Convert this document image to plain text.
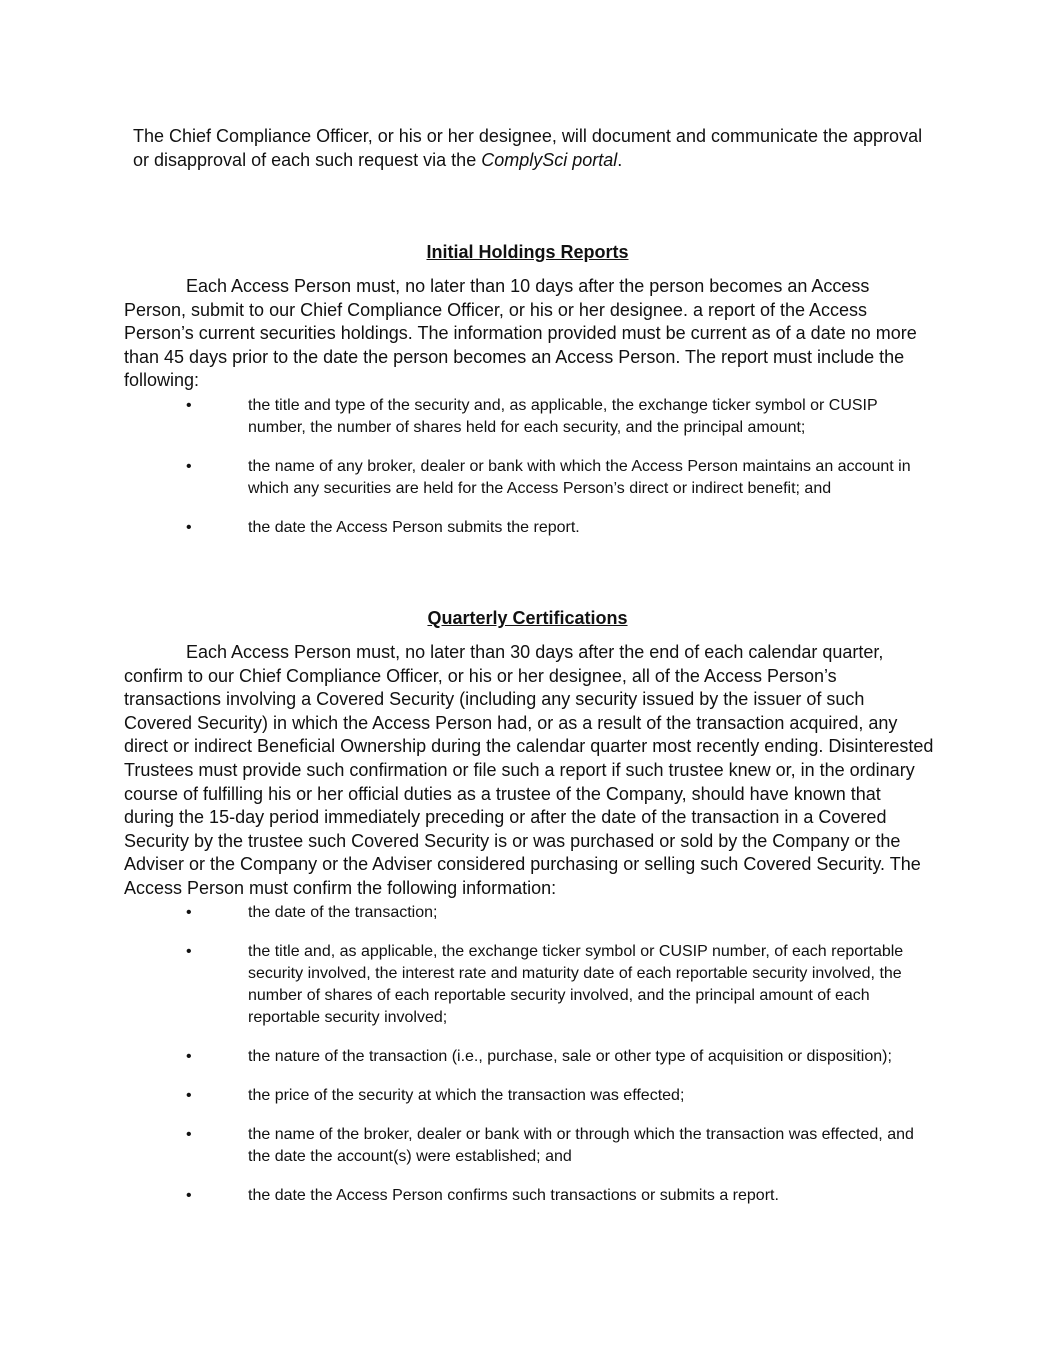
The Chief Compliance Officer, or his or her designee, will document and communicate the approval or disapproval of each such request via the ComplySci portal.

Initial Holdings Reports

Each Access Person must, no later than 10 days after the person becomes an Access Person, submit to our Chief Compliance Officer, or his or her designee. a report of the Access Person’s current securities holdings. The information provided must be current as of a date no more than 45 days prior to the date the person becomes an Access Person. The report must include the following:

•	the title and type of the security and, as applicable, the exchange ticker symbol or CUSIP number, the number of shares held for each security, and the principal amount;
•	the name of any broker, dealer or bank with which the Access Person maintains an account in which any securities are held for the Access Person’s direct or indirect benefit; and
•	the date the Access Person submits the report.
Quarterly Certifications

Each Access Person must, no later than 30 days after the end of each calendar quarter, confirm to our Chief Compliance Officer, or his or her designee, all of the Access Person’s transactions involving a Covered Security (including any security issued by the issuer of such Covered Security) in which the Access Person had, or as a result of the transaction acquired, any direct or indirect Beneficial Ownership during the calendar quarter most recently ending. Disinterested Trustees must provide such confirmation or file such a report if such trustee knew or, in the ordinary course of fulfilling his or her official duties as a trustee of the Company, should have known that during the 15-day period immediately preceding or after the date of the transaction in a Covered Security by the trustee such Covered Security is or was purchased or sold by the Company or the Adviser or the Company or the Adviser considered purchasing or selling such Covered Security. The Access Person must confirm the following information:

•	the date of the transaction;
•	the title and, as applicable, the exchange ticker symbol or CUSIP number, of each reportable security involved, the interest rate and maturity date of each reportable security involved, the number of shares of each reportable security involved, and the principal amount of each reportable security involved;
•	the nature of the transaction (i.e., purchase, sale or other type of acquisition or disposition);
•	the price of the security at which the transaction was effected;
•	the name of the broker, dealer or bank with or through which the transaction was effected, and the date the account(s) were established; and
•	the date the Access Person confirms such transactions or submits a report.
